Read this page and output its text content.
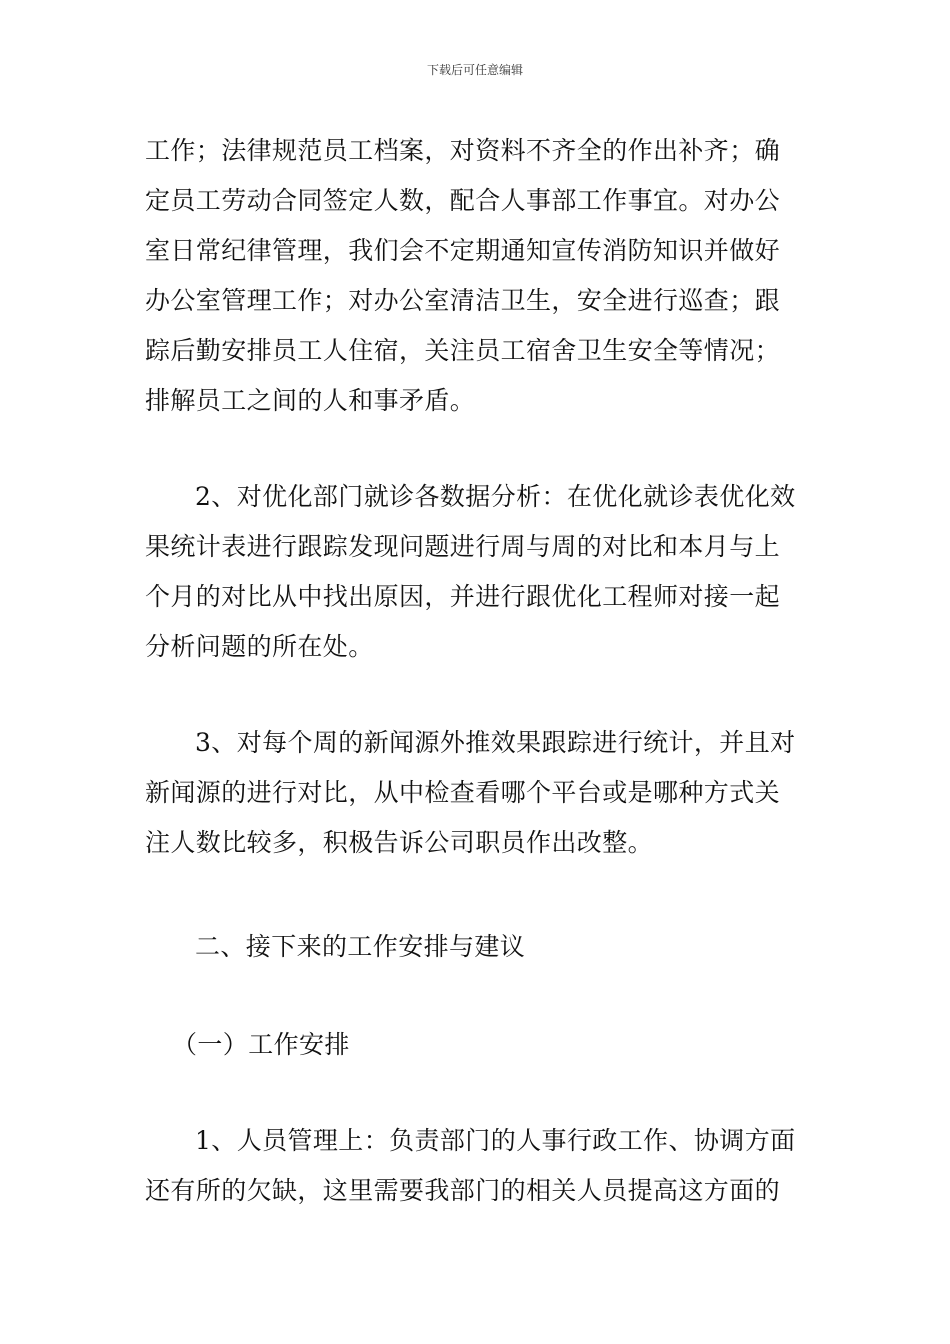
下载后可任意编辑
工作；法律规范员工档案，对资料不齐全的作出补齐；确
定员工劳动合同签定人数，配合人事部工作事宜。对办公
室日常纪律管理，我们会不定期通知宣传消防知识并做好
办公室管理工作；对办公室清洁卫生，安全进行巡查；跟
踪后勤安排员工人住宿，关注员工宿舍卫生安全等情况；
排解员工之间的人和事矛盾。
2、对优化部门就诊各数据分析：在优化就诊表优化效
果统计表进行跟踪发现问题进行周与周的对比和本月与上
个月的对比从中找出原因，并进行跟优化工程师对接一起
分析问题的所在处。
3、对每个周的新闻源外推效果跟踪进行统计，并且对
新闻源的进行对比，从中检查看哪个平台或是哪种方式关
注人数比较多，积极告诉公司职员作出改整。
二、接下来的工作安排与建议
（一）工作安排
1、人员管理上：负责部门的人事行政工作、协调方面
还有所的欠缺，这里需要我部门的相关人员提高这方面的
